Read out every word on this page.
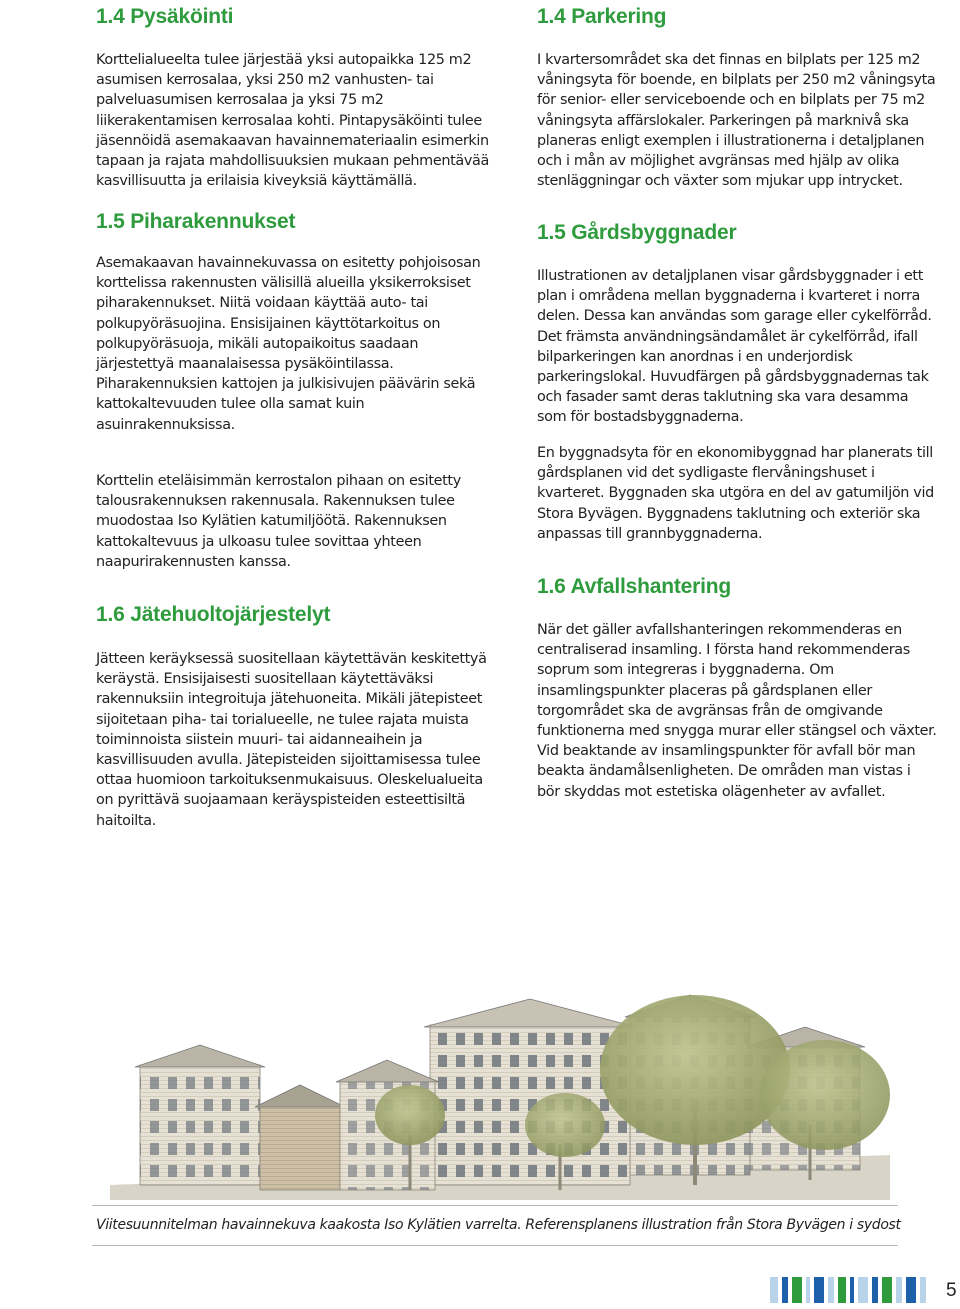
1.4 Pysäköinti

Korttelialueelta tulee järjestää yksi autopaikka 125 m2 asumisen kerrosalaa, yksi 250 m2 vanhusten- tai palveluasumisen kerrosalaa ja yksi 75 m2 liikerakentamisen kerrosalaa kohti. Pintapysäköinti tulee jäsennöidä asemakaavan havainnemateriaalin esimerkin tapaan ja rajata mahdollisuuksien mukaan pehmentävää kasvillisuutta ja erilaisia kiveyksiä käyttämällä.

1.5 Piharakennukset

Asemakaavan havainnekuvassa on esitetty pohjoisosan korttelissa rakennusten välisillä alueilla yksikerroksiset piharakennukset. Niitä voidaan käyttää auto- tai polkupyöräsuojina. Ensisijainen käyttötarkoitus on polkupyöräsuoja, mikäli autopaikoitus saadaan järjestettyä maanalaisessa pysäköintilassa. Piharakennuksien kattojen ja julkisivujen päävärin sekä kattokaltevuuden tulee olla samat kuin asuinrakennuksissa.

Korttelin eteläisimmän kerrostalon pihaan on esitetty talousrakennuksen rakennusala. Rakennuksen tulee muodostaa Iso Kylätien katumiljöötä. Rakennuksen kattokaltevuus ja ulkoasu tulee sovittaa yhteen naapurirakennusten kanssa.

1.6 Jätehuoltojärjestelyt

Jätteen keräyksessä suositellaan käytettävän keskitettyä keräystä. Ensisijaisesti suositellaan käytettäväksi rakennuksiin integroituja jätehuoneita. Mikäli jätepisteet sijoitetaan piha- tai torialueelle, ne tulee rajata muista toiminnoista siistein muuri- tai aidanneaihein ja kasvillisuuden avulla. Jätepisteiden sijoittamisessa tulee ottaa huomioon tarkoituksenmukaisuus. Oleskelualueita on pyrittävä suojaamaan keräyspisteiden esteettisiltä haitoilta.

1.4 Parkering

I kvartersområdet ska det finnas en bilplats per 125 m2 våningsyta för boende, en bilplats per 250 m2 våningsyta för senior- eller serviceboende och en bilplats per 75 m2 våningsyta affärslokaler. Parkeringen på marknivå ska planeras enligt exemplen i illustrationerna i detaljplanen och i mån av möjlighet avgränsas med hjälp av olika stenläggningar och växter som mjukar upp intrycket.

1.5 Gårdsbyggnader

Illustrationen av detaljplanen visar gårdsbyggnader i ett plan i områdena mellan byggnaderna i kvarteret i norra delen. Dessa kan användas som garage eller cykelförråd. Det främsta användningsändamålet är cykelförråd, ifall bilparkeringen kan anordnas i en underjordisk parkeringslokal. Huvudfärgen på gårdsbyggnadernas tak och fasader samt deras taklutning ska vara desamma som för bostadsbyggnaderna.

En byggnadsyta för en ekonomibyggnad har planerats till gårdsplanen vid det sydligaste flervåningshuset i kvarteret. Byggnaden ska utgöra en del av gatumiljön vid Stora Byvägen. Byggnadens taklutning och exteriör ska anpassas till grannbyggnaderna.

1.6 Avfallshantering

När det gäller avfallshanteringen rekommenderas en centraliserad insamling. I första hand rekommenderas soprum som integreras i byggnaderna. Om insamlingspunkter placeras på gårdsplanen eller torgområdet ska de avgränsas från de omgivande funktionerna med snygga murar eller stängsel och växter. Vid beaktande av insamlingspunkter för avfall bör man beakta ändamålsenligheten. De områden man vistas i bör skyddas mot estetiska olägenheter av avfallet.

Viitesuunnitelman havainnekuva kaakosta Iso Kylätien varrelta. Referensplanens illustration från Stora Byvägen i sydost
5
